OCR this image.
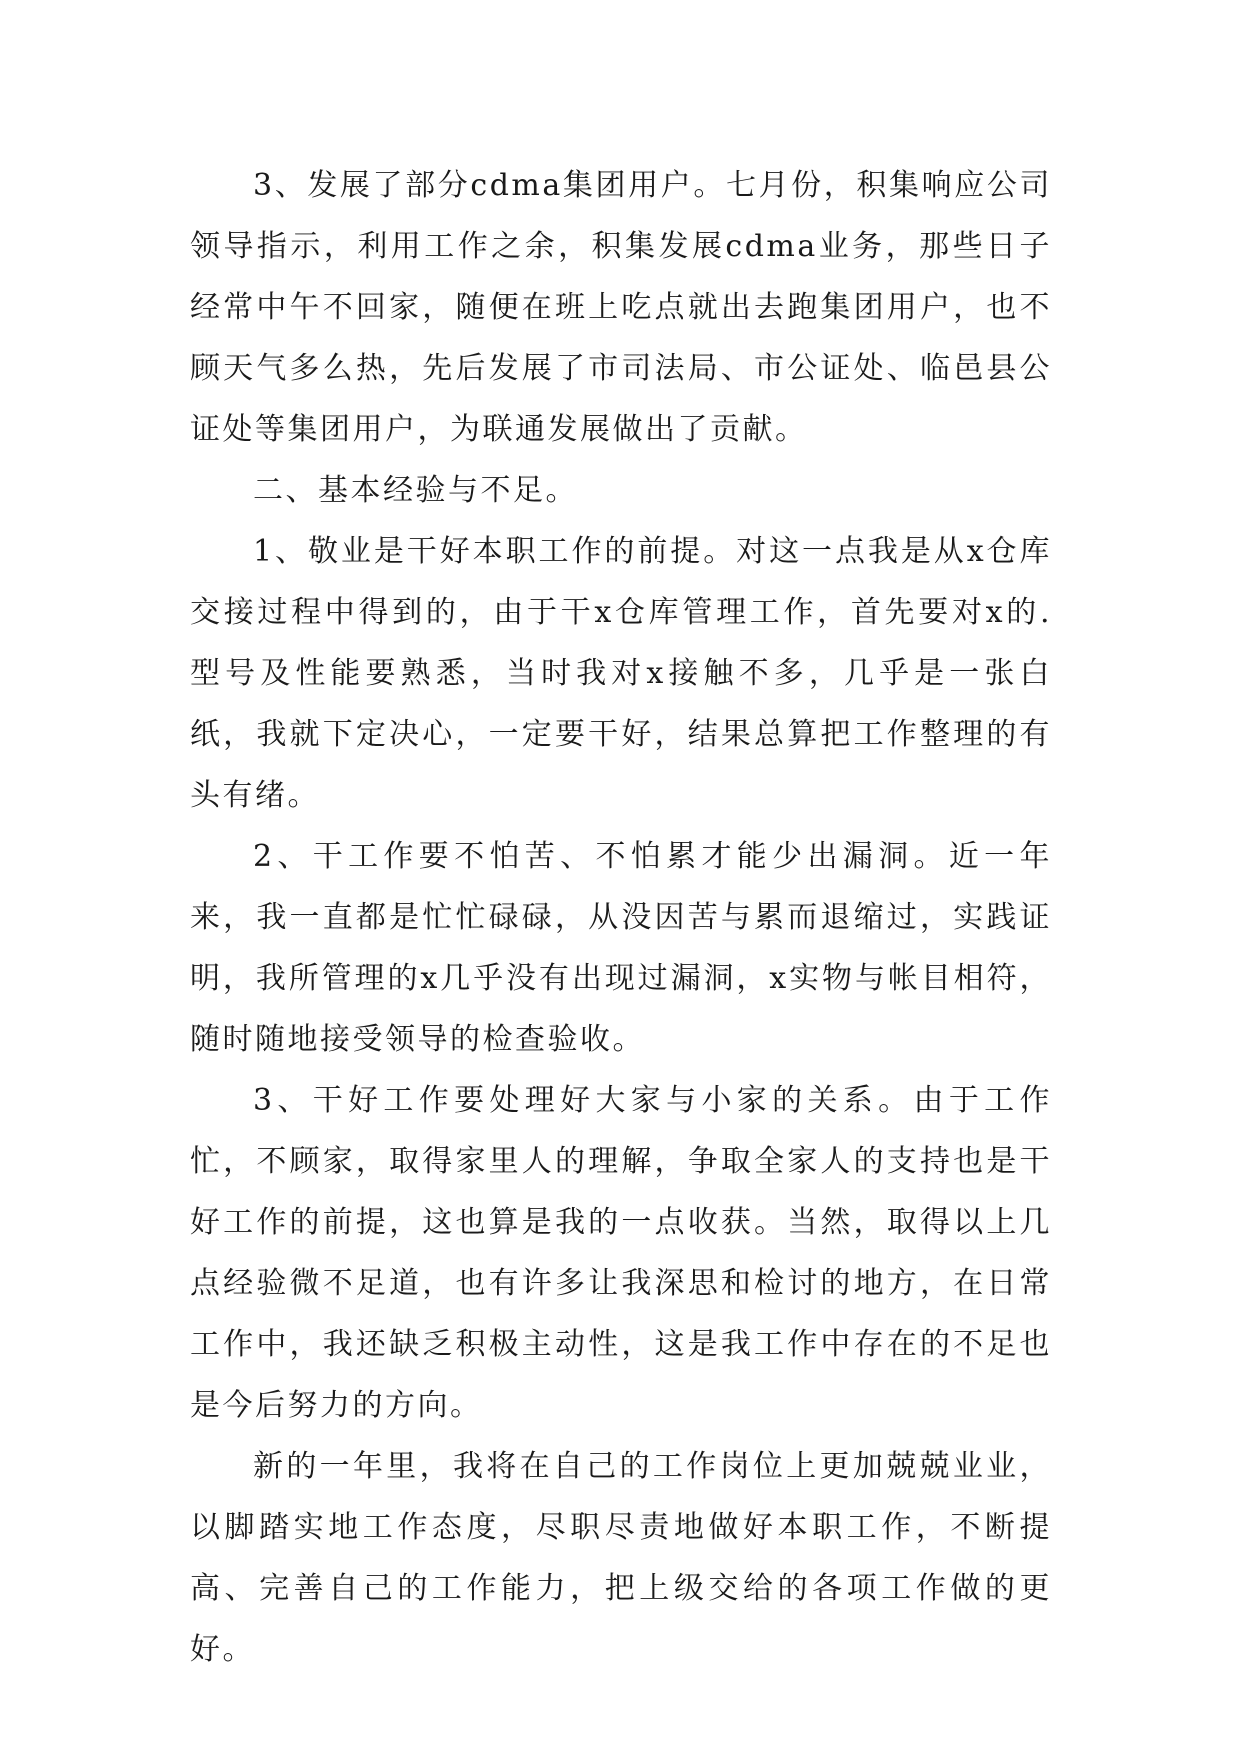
3、发展了部分cdma集团用户。七月份，积集响应公司领导指示，利用工作之余，积集发展cdma业务，那些日子经常中午不回家，随便在班上吃点就出去跑集团用户，也不顾天气多么热，先后发展了市司法局、市公证处、临邑县公证处等集团用户，为联通发展做出了贡献。

二、基本经验与不足。

1、敬业是干好本职工作的前提。对这一点我是从x仓库交接过程中得到的，由于干x仓库管理工作，首先要对x的.型号及性能要熟悉，当时我对x接触不多，几乎是一张白纸，我就下定决心，一定要干好，结果总算把工作整理的有头有绪。

2、干工作要不怕苦、不怕累才能少出漏洞。近一年来，我一直都是忙忙碌碌，从没因苦与累而退缩过，实践证明，我所管理的x几乎没有出现过漏洞，x实物与帐目相符，随时随地接受领导的检查验收。

3、干好工作要处理好大家与小家的关系。由于工作忙，不顾家，取得家里人的理解，争取全家人的支持也是干好工作的前提，这也算是我的一点收获。当然，取得以上几点经验微不足道，也有许多让我深思和检讨的地方，在日常工作中，我还缺乏积极主动性，这是我工作中存在的不足也是今后努力的方向。

新的一年里，我将在自己的工作岗位上更加兢兢业业，以脚踏实地工作态度，尽职尽责地做好本职工作，不断提高、完善自己的工作能力，把上级交给的各项工作做的更好。
